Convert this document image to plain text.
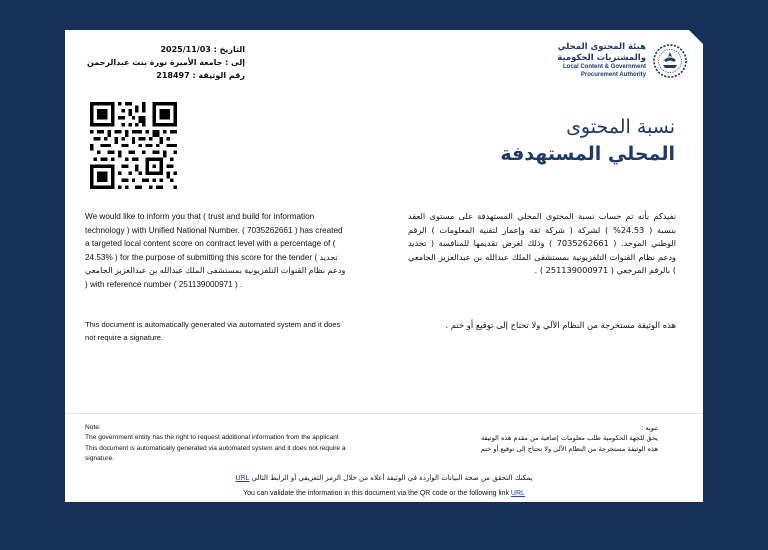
هيئة المحتوى المحلي
والمشتريات الحكومية
Local Content & Government
Procurement Authority
التاريخ : 2025/11/03
إلى : جامعة الأميرة نورة بنت عبدالرحمن
رقم الوثيقة : 218497
نسبة المحتوى
المحلي المستهدفة
We would like to inform you that ( trust and build for information technology ) with Unified National Number. ( 7035262661 ) has created a targeted local content score on contract level with a percentage of ( 24.53% ) for the purpose of submitting this score for the tender ( تجديد ودعم نظام القنوات التلفزيونية بمستشفى الملك عبدالله بن عبدالعزيز الجامعي ) with reference number ( 251139000971 ) .
This document is automatically generated via automated system and it does not require a signature.
نفيدكم بأنه تم حساب نسبة المحتوى المحلي المستهدفة على مستوى العقد بنسبة ( 24.53% ) لشركة ( شركة ثقة وإعمار لتقنية المعلومات ) الرقم الوطني الموحد. ( 7035262661 ) وذلك لغرض تقديمها للمنافسة ( تجديد ودعم نظام القنوات التلفزيونية بمستشفى الملك عبدالله بن عبدالعزيز الجامعي ) بالرقم المرجعي ( 251139000971 ) .
هذه الوثيقة مستخرجة من النظام الآلي ولا تحتاج إلى توقيع أو ختم .
Note:
The government entity has the right to request additional information from the applicant
This document is automatically generated via automated system and it does not require a signature.
تنويه :
يحق للجهة الحكومية طلب معلومات إضافية من مقدم هذه الوثيقة
هذه الوثيقة مستخرجة من النظام الآلي ولا تحتاج إلى توقيع أو ختم
يمكنك التحقق من صحة البيانات الواردة في الوثيقة أعلاه من خلال الرمز التعريفي أو الرابط التالي URL
You can validate the information in this document via the QR code or the following link URL
